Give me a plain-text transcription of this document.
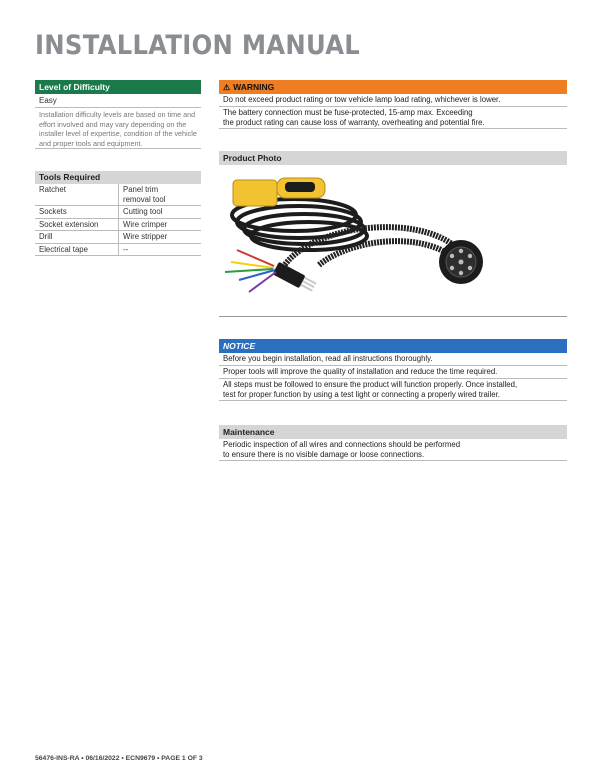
INSTALLATION MANUAL
Level of Difficulty
Easy
Installation difficulty levels are based on time and effort involved and may vary depending on the installer level of expertise, condition of the vehicle and proper tools and equipment.
Tools Required
Ratchet	Panel trim
removal tool
Sockets	Cutting tool
Socket extension	Wire crimper
Drill	Wire stripper
Electrical tape	--
⚠ WARNING
Do not exceed product rating or tow vehicle lamp load rating, whichever is lower.
The battery connection must be fuse-protected, 15-amp max. Exceeding
the product rating can cause loss of warranty, overheating and potential fire.
Product Photo
NOTICE
Before you begin installation, read all instructions thoroughly.
Proper tools will improve the quality of installation and reduce the time required.
All steps must be followed to ensure the product will function properly. Once installed,
test for proper function by using a test light or connecting a properly wired trailer.
Maintenance
Periodic inspection of all wires and connections should be performed
to ensure there is no visible damage or loose connections.
56476-INS-RA • 06/16/2022 • ECN9679 • PAGE 1 OF 3
